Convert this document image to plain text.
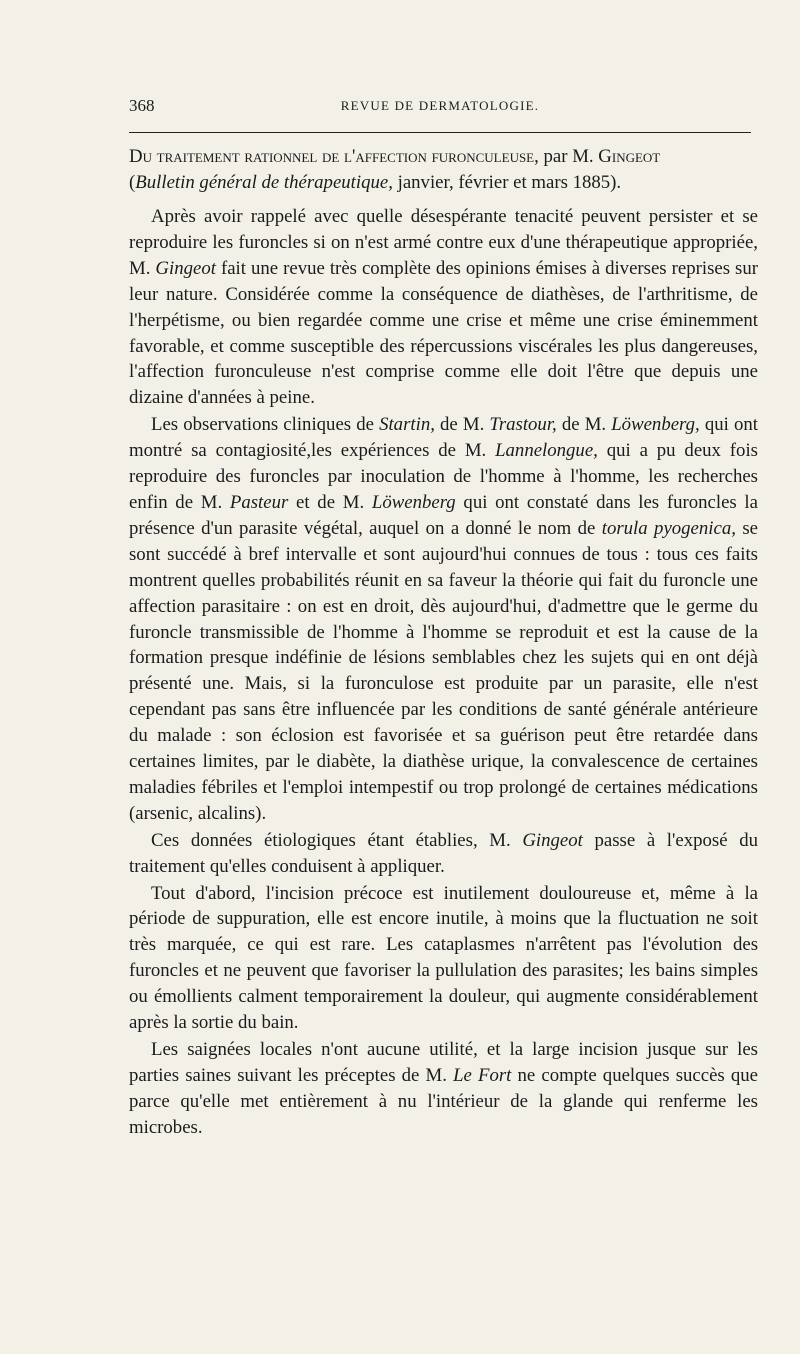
368	REVUE DE DERMATOLOGIE.

Du traitement rationnel de l'affection furonculeuse, par M. Gingeot
(Bulletin général de thérapeutique, janvier, février et mars 1885).

Après avoir rappelé avec quelle désespérante tenacité peuvent persister et se reproduire les furoncles si on n'est armé contre eux d'une thérapeutique appropriée, M. Gingeot fait une revue très complète des opinions émises à diverses reprises sur leur nature. Considérée comme la conséquence de diathèses, de l'arthritisme, de l'herpétisme, ou bien regardée comme une crise et même une crise éminemment favorable, et comme susceptible des répercussions viscérales les plus dangereuses, l'affection furonculeuse n'est comprise comme elle doit l'être que depuis une dizaine d'années à peine.

Les observations cliniques de Startin, de M. Trastour, de M. Löwenberg, qui ont montré sa contagiosité,les expériences de M. Lannelongue, qui a pu deux fois reproduire des furoncles par inoculation de l'homme à l'homme, les recherches enfin de M. Pasteur et de M. Löwenberg qui ont constaté dans les furoncles la présence d'un parasite végétal, auquel on a donné le nom de torula pyogenica, se sont succédé à bref intervalle et sont aujourd'hui connues de tous : tous ces faits montrent quelles probabilités réunit en sa faveur la théorie qui fait du furoncle une affection parasitaire : on est en droit, dès aujourd'hui, d'admettre que le germe du furoncle transmissible de l'homme à l'homme se reproduit et est la cause de la formation presque indéfinie de lésions semblables chez les sujets qui en ont déjà présenté une. Mais, si la furonculose est produite par un parasite, elle n'est cependant pas sans être influencée par les conditions de santé générale antérieure du malade : son éclosion est favorisée et sa guérison peut être retardée dans certaines limites, par le diabète, la diathèse urique, la convalescence de certaines maladies fébriles et l'emploi intempestif ou trop prolongé de certaines médications (arsenic, alcalins).

Ces données étiologiques étant établies, M. Gingeot passe à l'exposé du traitement qu'elles conduisent à appliquer.

Tout d'abord, l'incision précoce est inutilement douloureuse et, même à la période de suppuration, elle est encore inutile, à moins que la fluctuation ne soit très marquée, ce qui est rare. Les cataplasmes n'arrêtent pas l'évolution des furoncles et ne peuvent que favoriser la pullulation des parasites; les bains simples ou émollients calment temporairement la douleur, qui augmente considérablement après la sortie du bain.

Les saignées locales n'ont aucune utilité, et la large incision jusque sur les parties saines suivant les préceptes de M. Le Fort ne compte quelques succès que parce qu'elle met entièrement à nu l'intérieur de la glande qui renferme les microbes.
